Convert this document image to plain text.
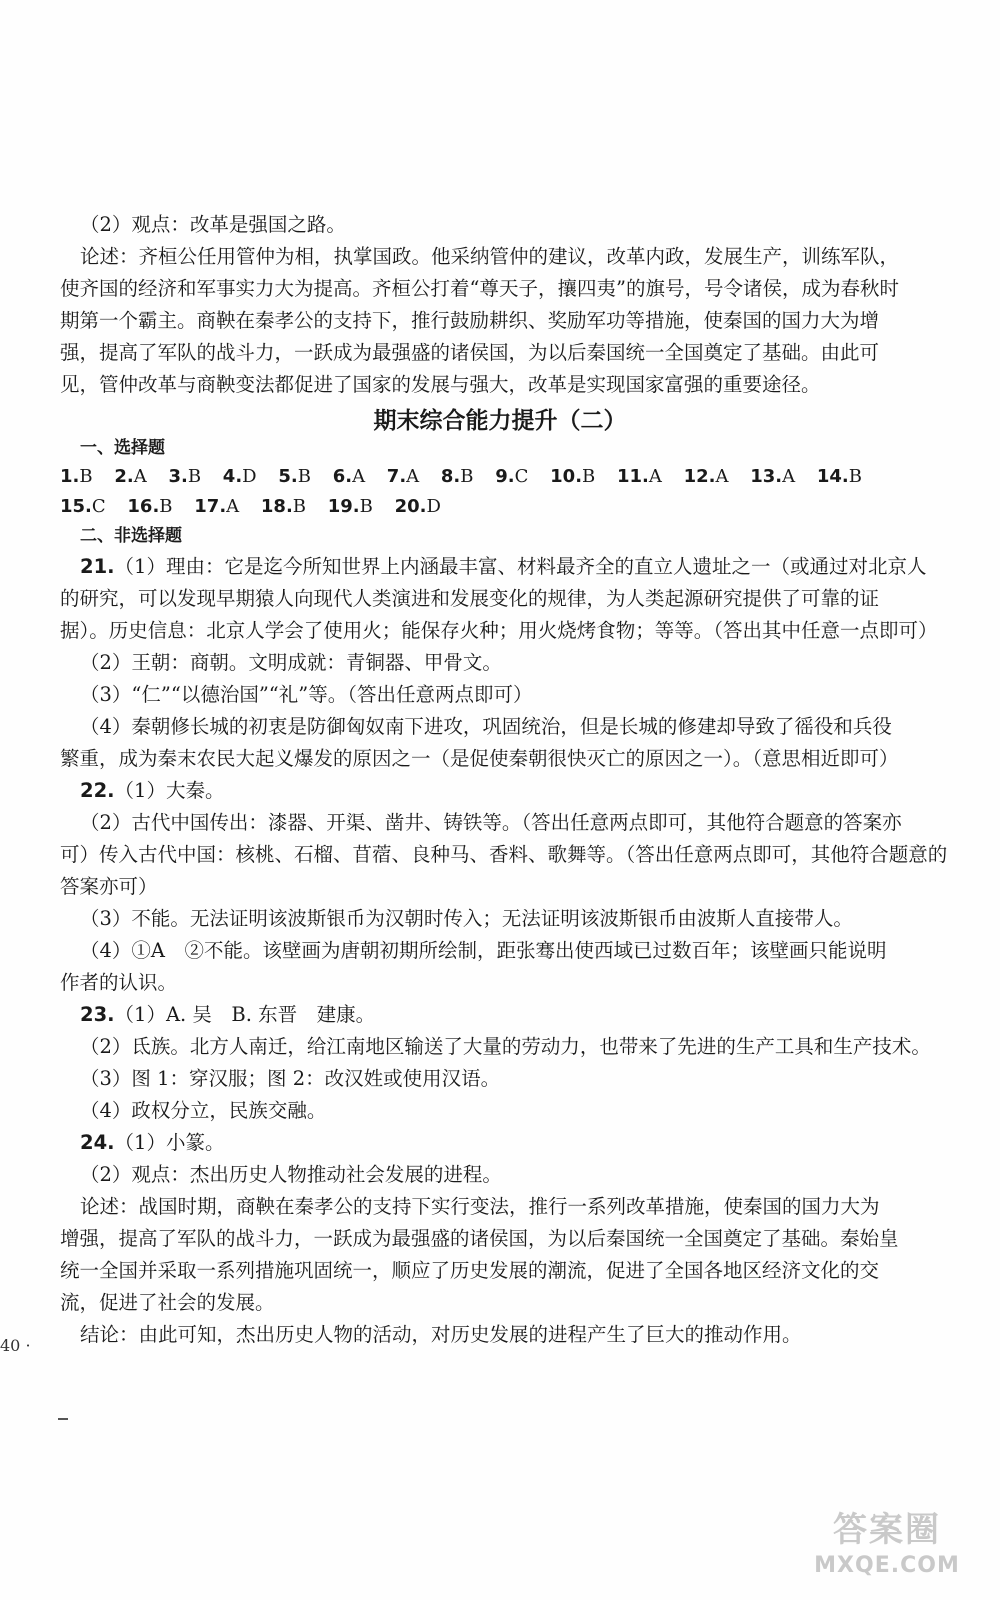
（2）观点：改革是强国之路。
论述：齐桓公任用管仲为相，执掌国政。他采纳管仲的建议，改革内政，发展生产，训练军队，
使齐国的经济和军事实力大为提高。齐桓公打着“尊天子，攘四夷”的旗号，号令诸侯，成为春秋时
期第一个霸主。商鞅在秦孝公的支持下，推行鼓励耕织、奖励军功等措施，使秦国的国力大为增
强，提高了军队的战斗力，一跃成为最强盛的诸侯国，为以后秦国统一全国奠定了基础。由此可
见，管仲改革与商鞅变法都促进了国家的发展与强大，改革是实现国家富强的重要途径。
期末综合能力提升（二）
一、选择题
1.B 2.A 3.B 4.D 5.B 6.A 7.A 8.B 9.C 10.B 11.A 12.A 13.A 14.B
15.C 16.B 17.A 18.B 19.B 20.D
二、非选择题
21.（1）理由：它是迄今所知世界上内涵最丰富、材料最齐全的直立人遗址之一（或通过对北京人
的研究，可以发现早期猿人向现代人类演进和发展变化的规律，为人类起源研究提供了可靠的证
据）。历史信息：北京人学会了使用火；能保存火种；用火烧烤食物；等等。（答出其中任意一点即可）
（2）王朝：商朝。文明成就：青铜器、甲骨文。
（3）“仁”“以德治国”“礼”等。（答出任意两点即可）
（4）秦朝修长城的初衷是防御匈奴南下进攻，巩固统治，但是长城的修建却导致了徭役和兵役
繁重，成为秦末农民大起义爆发的原因之一（是促使秦朝很快灭亡的原因之一）。（意思相近即可）
22.（1）大秦。
（2）古代中国传出：漆器、开渠、凿井、铸铁等。（答出任意两点即可，其他符合题意的答案亦
可）传入古代中国：核桃、石榴、苜蓿、良种马、香料、歌舞等。（答出任意两点即可，其他符合题意的
答案亦可）
（3）不能。无法证明该波斯银币为汉朝时传入；无法证明该波斯银币由波斯人直接带人。
（4）①A　②不能。该壁画为唐朝初期所绘制，距张骞出使西域已过数百年；该壁画只能说明
作者的认识。
23.（1）A. 吴　B. 东晋　建康。
（2）氐族。北方人南迁，给江南地区输送了大量的劳动力，也带来了先进的生产工具和生产技术。
（3）图 1：穿汉服；图 2：改汉姓或使用汉语。
（4）政权分立，民族交融。
24.（1）小篆。
（2）观点：杰出历史人物推动社会发展的进程。
论述：战国时期，商鞅在秦孝公的支持下实行变法，推行一系列改革措施，使秦国的国力大为
增强，提高了军队的战斗力，一跃成为最强盛的诸侯国，为以后秦国统一全国奠定了基础。秦始皇
统一全国并采取一系列措施巩固统一，顺应了历史发展的潮流，促进了全国各地区经济文化的交
流，促进了社会的发展。
结论：由此可知，杰出历史人物的活动，对历史发展的进程产生了巨大的推动作用。
40 ·
答案圈
MXQE.COM
